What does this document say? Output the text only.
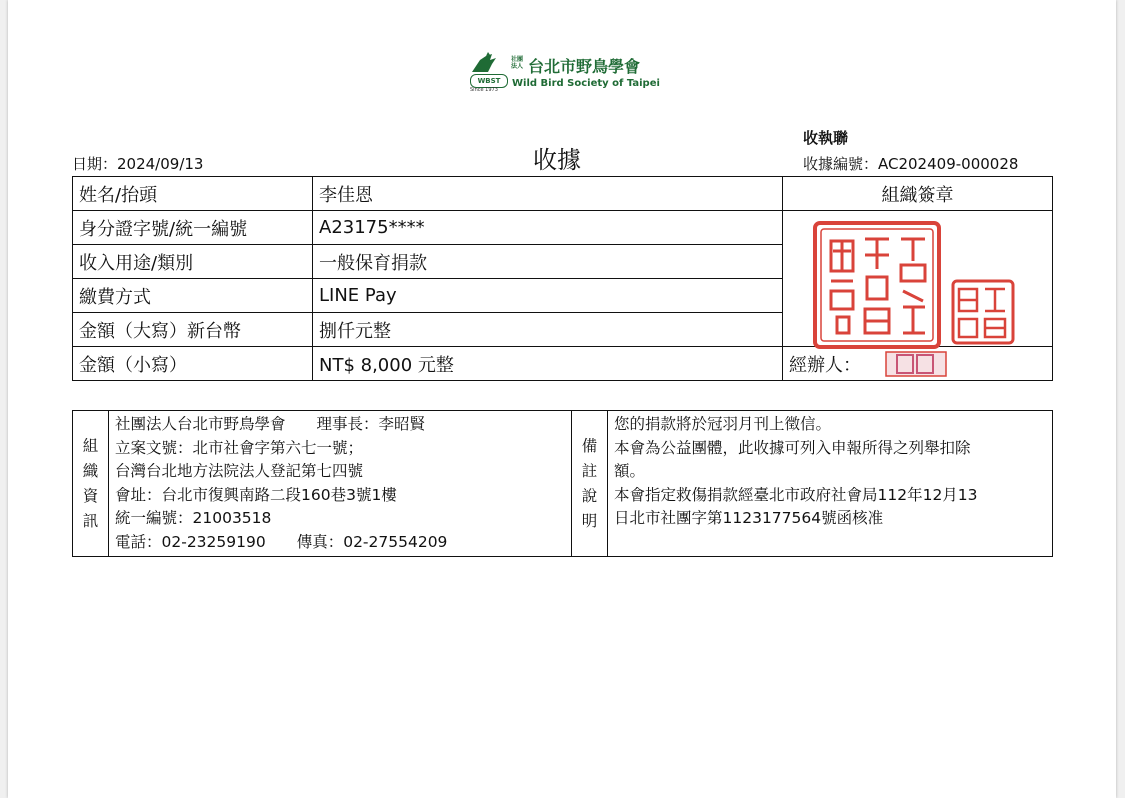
WBST
Since 1973
社團法人 台北市野鳥學會
Wild Bird Society of Taipei
日期：2024/09/13	收據
收執聯
收據編號：AC202409-000028
姓名/抬頭	李佳恩	組織簽章
身分證字號/統一編號	A23175****	

收入用途/類別	一般保育捐款	
繳費方式	LINE Pay	
金額（大寫）新台幣	捌仟元整	
金額（小寫）	NT$ 8,000 元整	經辦人：
組
織
資
訊

社團法人台北市野鳥學會　　理事長：李昭賢
立案文號：北市社會字第六七一號；
台灣台北地方法院法人登記第七四號
會址：台北市復興南路二段160巷3號1樓
統一編號：21003518
電話：02-23259190　　傳真：02-27554209

備
註
說
明

您的捐款將於冠羽月刊上徵信。
本會為公益團體，此收據可列入申報所得之列舉扣除
額。
本會指定救傷捐款經臺北市政府社會局112年12月13
日北市社團字第1123177564號函核准
